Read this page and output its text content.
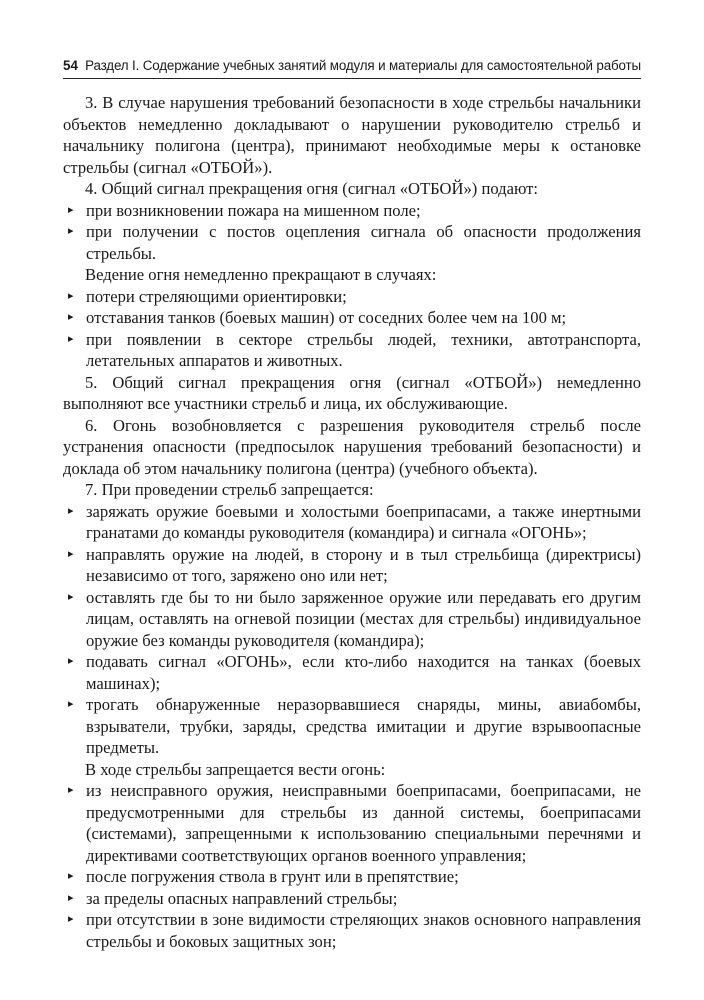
54 Раздел I. Содержание учебных занятий модуля и материалы для самостоятельной работы

3. В случае нарушения требований безопасности в ходе стрельбы начальники объектов немедленно докладывают о нарушении руководителю стрельб и начальнику полигона (центра), принимают необходимые меры к остановке стрельбы (сигнал «ОТБОЙ»).

4. Общий сигнал прекращения огня (сигнал «ОТБОЙ») подают:

▸ при возникновении пожара на мишенном поле;
▸ при получении с постов оцепления сигнала об опасности продолжения стрельбы.

Ведение огня немедленно прекращают в случаях:

▸ потери стреляющими ориентировки;
▸ отставания танков (боевых машин) от соседних более чем на 100 м;
▸ при появлении в секторе стрельбы людей, техники, автотранспорта, летательных аппаратов и животных.

5. Общий сигнал прекращения огня (сигнал «ОТБОЙ») немедленно выполняют все участники стрельб и лица, их обслуживающие.

6. Огонь возобновляется с разрешения руководителя стрельб после устранения опасности (предпосылок нарушения требований безопасности) и доклада об этом начальнику полигона (центра) (учебного объекта).

7. При проведении стрельб запрещается:

▸ заряжать оружие боевыми и холостыми боеприпасами, а также инертными гранатами до команды руководителя (командира) и сигнала «ОГОНЬ»;
▸ направлять оружие на людей, в сторону и в тыл стрельбища (директрисы) независимо от того, заряжено оно или нет;
▸ оставлять где бы то ни было заряженное оружие или передавать его другим лицам, оставлять на огневой позиции (местах для стрельбы) индивидуальное оружие без команды руководителя (командира);
▸ подавать сигнал «ОГОНЬ», если кто-либо находится на танках (боевых машинах);
▸ трогать обнаруженные неразорвавшиеся снаряды, мины, авиабомбы, взрыватели, трубки, заряды, средства имитации и другие взрывоопасные предметы.

В ходе стрельбы запрещается вести огонь:

▸ из неисправного оружия, неисправными боеприпасами, боеприпасами, не предусмотренными для стрельбы из данной системы, боеприпасами (системами), запрещенными к использованию специальными перечнями и директивами соответствующих органов военного управления;
▸ после погружения ствола в грунт или в препятствие;
▸ за пределы опасных направлений стрельбы;
▸ при отсутствии в зоне видимости стреляющих знаков основного направления стрельбы и боковых защитных зон;
